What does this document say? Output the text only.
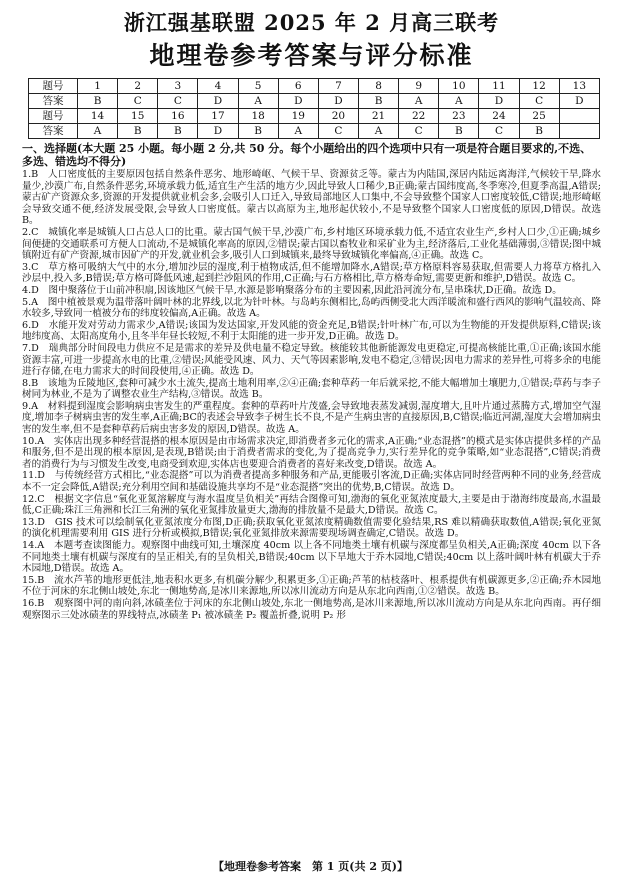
浙江强基联盟 2025 年 2 月高三联考
地理卷参考答案与评分标准
题号	1	2	3	4	5	6	7	8	9	10	11	12	13
答案	B	C	C	D	A	D	D	B	A	A	D	C	D
题号	14	15	16	17	18	19	20	21	22	23	24	25	
答案	A	B	B	D	B	A	C	A	C	B	C	B	
一、选择题(本大题 25 小题。每小题 2 分,共 50 分。每个小题给出的四个选项中只有一项是符合题目要求的,不选、多选、错选均不得分)

1.B　人口密度低的主要原因包括自然条件恶劣、地形崎岖、气候干旱、资源贫乏等。蒙古为内陆国,深居内陆远离海洋,气候较干旱,降水量少,沙漠广布,自然条件恶劣,环境承载力低,适宜生产生活的地方少,因此导致人口稀少,B正确;蒙古国纬度高,冬季寒冷,但夏季高温,A错误;蒙古矿产资源众多,资源的开发提供就业机会多,会吸引人口迁入,导致局部地区人口集中,不会导致整个国家人口密度较低,C错误;地形崎岖会导致交通不便,经济发展受限,会导致人口密度低。蒙古以高原为主,地形起伏较小,不是导致整个国家人口密度低的原因,D错误。故选 B。

2.C　城镇化率是城镇人口占总人口的比重。蒙古国气候干旱,沙漠广布,乡村地区环境承载力低,不适宜农业生产,乡村人口少,①正确;城乡间便捷的交通联系可方便人口流动,不是城镇化率高的原因,②错误;蒙古国以畜牧业和采矿业为主,经济落后,工业化基础薄弱,③错误;图中城镇附近有矿产资源,城市因矿产的开发,就业机会多,吸引人口到城镇来,最终导致城镇化率偏高,④正确。故选 C。

3.C　草方格可吸纳大气中的水分,增加沙层的湿度,利于植物成活,但不能增加降水,A错误;草方格原料容易获取,但需要人力将草方格扎入沙层中,投入多,B错误;草方格可降低风速,起到拦沙阻风的作用,C正确;与石方格相比,草方格寿命短,需要更新和维护,D错误。故选 C。

4.D　图中聚落位于山前冲积扇,因该地区气候干旱,水源是影响聚落分布的主要因素,因此沿河流分布,呈串珠状,D正确。故选 D。

5.A　图中植被景观为温带落叶阔叶林的北界线,以北为针叶林。与岛屿东侧相比,岛屿西侧受北大西洋暖流和盛行西风的影响气温较高、降水较多,导致同一植被分布的纬度较偏高,A正确。故选 A。

6.D　水能开发对劳动力需求少,A错误;该国为发达国家,开发风能的资金充足,B错误;针叶林广布,可以为生物能的开发提供原料,C错误;该地纬度高、太阳高度角小,且冬半年昼长较短,不利于太阳能的进一步开发,D正确。故选 D。

7.D　瑞典部分时间段电力供应不足是需求的差异及供电量不稳定导致。核能较其他新能源发电更稳定,可提高核能比重,①正确;该国水能资源丰富,可进一步提高水电的比重,②错误;风能受风速、风力、天气等因素影响,发电不稳定,③错误;因电力需求的差异性,可将多余的电能进行存储,在电力需求大的时间段使用,④正确。故选 D。

8.B　该地为丘陵地区,套种可减少水土流失,提高土地利用率,②④正确;套种草药一年后就采挖,不能大幅增加土壤肥力,①错误;草药与李子树同为林业,不是为了调整农业生产结构,③错误。故选 B。

9.A　材料提到湿度会影响病虫害发生的严重程度。套种的草药叶片茂盛,会导致地表蒸发减弱,湿度增大,且叶片通过蒸腾方式,增加空气湿度,增加李子树病虫害的发生率,A正确;BC的表述会导致李子树生长不良,不是产生病虫害的直接原因,B,C错误;临近河湖,湿度大会增加病虫害的发生率,但不是套种草药后病虫害多发的原因,D错误。故选 A。

10.A　实体店出现多种经营混搭的根本原因是由市场需求决定,即消费者多元化的需求,A正确;“业态混搭”的模式是实体店提供多样的产品和服务,但不是出现的根本原因,是表现,B错误;由于消费者需求的变化,为了提高竞争力,实行差异化的竞争策略,如“业态混搭”,C错误;消费者的消费行为与习惯发生改变,电商受到欢迎,实体店也要迎合消费者的喜好来改变,D错误。故选 A。

11.D　与传统经营方式相比,“业态混搭”可以为消费者提高多种服务和产品,更能吸引客流,D正确;实体店同时经营两种不同的业务,经营成本不一定会降低,A错误;充分利用空间和基础设施共享均不是“业态混搭”突出的优势,B,C错误。故选 D。

12.C　根据文字信息“氧化亚氮溶解度与海水温度呈负相关”再结合图像可知,渤海的氧化亚氮浓度最大,主要是由于渤海纬度最高,水温最低,C正确;珠江三角洲和长江三角洲的氧化亚氮排放量更大,渤海的排放量不是最大,D错误。故选 C。

13.D　GIS 技术可以绘制氧化亚氮浓度分布图,D正确;获取氧化亚氮浓度精确数值需要化验结果,RS 难以精确获取数值,A错误;氧化亚氮的演化机理需要利用 GIS 进行分析或模拟,B错误;氧化亚氮排放来源需要现场调查确定,C错误。故选 D。

14.A　本题考查读图能力。观察图中曲线可知,土壤深度 40cm 以上各不同地类土壤有机碳与深度都呈负相关,A正确;深度 40cm 以下各不同地类土壤有机碳与深度有的呈正相关,有的呈负相关,B错误;40cm 以下旱地大于乔木园地,C错误;40cm 以上落叶阔叶林有机碳大于乔木园地,D错误。故选 A。

15.B　流水芦苇的地形更低洼,地表积水更多,有机碳分解少,积累更多,①正确;芦苇的枯枝落叶、根系提供有机碳源更多,②正确;乔木园地不位于河床的东北侧山坡处,东北一侧地势高,是冰川来源地,所以冰川流动方向是从东北向西南,①②错误。故选 B。

16.B　观察图中河的南向斜,冰碛垄位于河床的东北侧山坡处,东北一侧地势高,是冰川来源地,所以冰川流动方向是从东北向西南。再仔细观察图示三处冰碛垄的界线特点,冰碛垄 P₁ 被冰碛垄 P₂ 覆盖折叠,说明 P₂ 形

【地理卷参考答案　第 1 页(共 2 页)】
